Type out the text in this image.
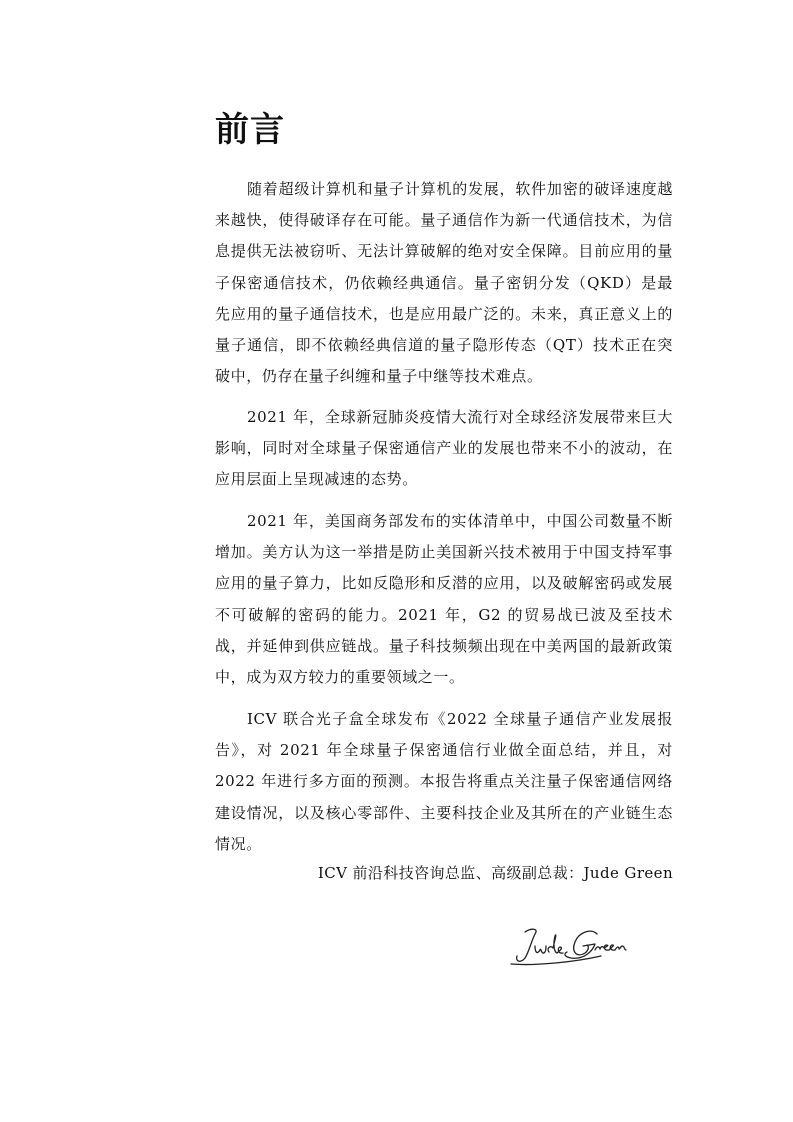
前言

随着超级计算机和量子计算机的发展，软件加密的破译速度越来越快，使得破译存在可能。量子通信作为新一代通信技术，为信息提供无法被窃听、无法计算破解的绝对安全保障。目前应用的量子保密通信技术，仍依赖经典通信。量子密钥分发（QKD）是最先应用的量子通信技术，也是应用最广泛的。未来，真正意义上的量子通信，即不依赖经典信道的量子隐形传态（QT）技术正在突破中，仍存在量子纠缠和量子中继等技术难点。

2021 年，全球新冠肺炎疫情大流行对全球经济发展带来巨大影响，同时对全球量子保密通信产业的发展也带来不小的波动，在应用层面上呈现减速的态势。

2021 年，美国商务部发布的实体清单中，中国公司数量不断增加。美方认为这一举措是防止美国新兴技术被用于中国支持军事应用的量子算力，比如反隐形和反潜的应用，以及破解密码或发展不可破解的密码的能力。2021 年，G2 的贸易战已波及至技术战，并延伸到供应链战。量子科技频频出现在中美两国的最新政策中，成为双方较力的重要领域之一。

ICV 联合光子盒全球发布《2022 全球量子通信产业发展报告》，对 2021 年全球量子保密通信行业做全面总结，并且，对 2022 年进行多方面的预测。本报告将重点关注量子保密通信网络建设情况，以及核心零部件、主要科技企业及其所在的产业链生态情况。

ICV 前沿科技咨询总监、高级副总裁：Jude Green
